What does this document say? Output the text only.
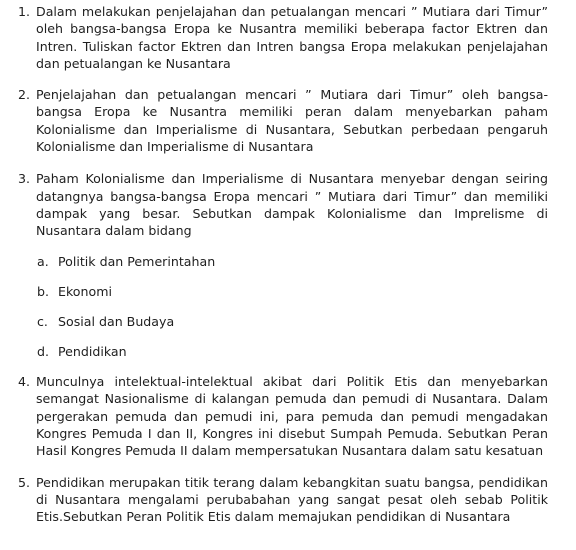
1. Dalam melakukan penjelajahan dan petualangan mencari ” Mutiara dari Timur” oleh bangsa-bangsa Eropa ke Nusantra memiliki beberapa factor Ektren dan Intren. Tuliskan factor Ektren dan Intren bangsa Eropa melakukan penjelajahan dan petualangan ke Nusantara
2. Penjelajahan dan petualangan mencari ” Mutiara dari Timur” oleh bangsa-bangsa Eropa ke Nusantra memiliki peran dalam menyebarkan paham Kolonialisme dan Imperialisme di Nusantara, Sebutkan perbedaan pengaruh Kolonialisme dan Imperialisme di Nusantara
3. Paham Kolonialisme dan Imperialisme di Nusantara menyebar dengan seiring datangnya bangsa-bangsa Eropa mencari ” Mutiara dari Timur” dan memiliki dampak yang besar. Sebutkan dampak Kolonialisme dan Imprelisme di Nusantara dalam bidang
a. Politik dan Pemerintahan
b. Ekonomi
c. Sosial dan Budaya
d. Pendidikan
4. Munculnya intelektual-intelektual akibat dari Politik Etis dan menyebarkan semangat Nasionalisme di kalangan pemuda dan pemudi di Nusantara. Dalam pergerakan pemuda dan pemudi ini, para pemuda dan pemudi mengadakan Kongres Pemuda I dan II, Kongres ini disebut Sumpah Pemuda. Sebutkan Peran Hasil Kongres Pemuda II dalam mempersatukan Nusantara dalam satu kesatuan
5. Pendidikan merupakan titik terang dalam kebangkitan suatu bangsa, pendidikan di Nusantara mengalami perubabahan yang sangat pesat oleh sebab Politik Etis.Sebutkan Peran Politik Etis dalam memajukan pendidikan di Nusantara
